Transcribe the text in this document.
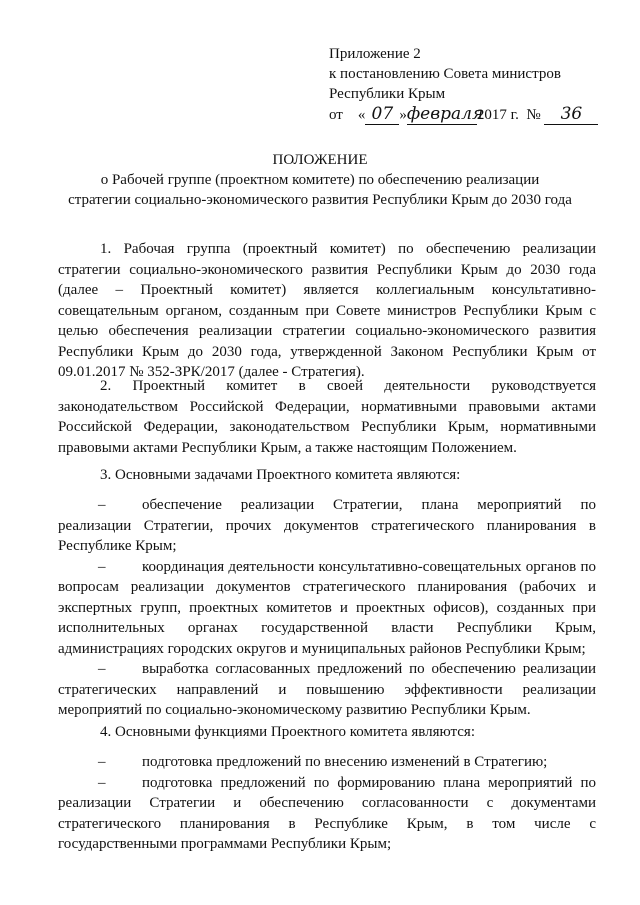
Приложение 2
к постановлению Совета министров
Республики Крым
от « 07 »февраля2017 г. № 36
ПОЛОЖЕНИЕ
о Рабочей группе (проектном комитете) по обеспечению реализации
стратегии социально-экономического развития Республики Крым до 2030 года

1. Рабочая группа (проектный комитет) по обеспечению реализации стратегии социально-экономического развития Республики Крым до 2030 года (далее – Проектный комитет) является коллегиальным консультативно-совещательным органом, созданным при Совете министров Республики Крым с целью обеспечения реализации стратегии социально-экономического развития Республики Крым до 2030 года, утвержденной Законом Республики Крым от 09.01.2017 № 352-ЗРК/2017 (далее - Стратегия).

2. Проектный комитет в своей деятельности руководствуется законодательством Российской Федерации, нормативными правовыми актами Российской Федерации, законодательством Республики Крым, нормативными правовыми актами Республики Крым, а также настоящим Положением.

3. Основными задачами Проектного комитета являются:

– обеспечение реализации Стратегии, плана мероприятий по реализации Стратегии, прочих документов стратегического планирования в Республике Крым;

– координация деятельности консультативно-совещательных органов по вопросам реализации документов стратегического планирования (рабочих и экспертных групп, проектных комитетов и проектных офисов), созданных при исполнительных органах государственной власти Республики Крым, администрациях городских округов и муниципальных районов Республики Крым;

– выработка согласованных предложений по обеспечению реализации стратегических направлений и повышению эффективности реализации мероприятий по социально-экономическому развитию Республики Крым.

4. Основными функциями Проектного комитета являются:

– подготовка предложений по внесению изменений в Стратегию;

– подготовка предложений по формированию плана мероприятий по реализации Стратегии и обеспечению согласованности с документами стратегического планирования в Республике Крым, в том числе с государственными программами Республики Крым;
